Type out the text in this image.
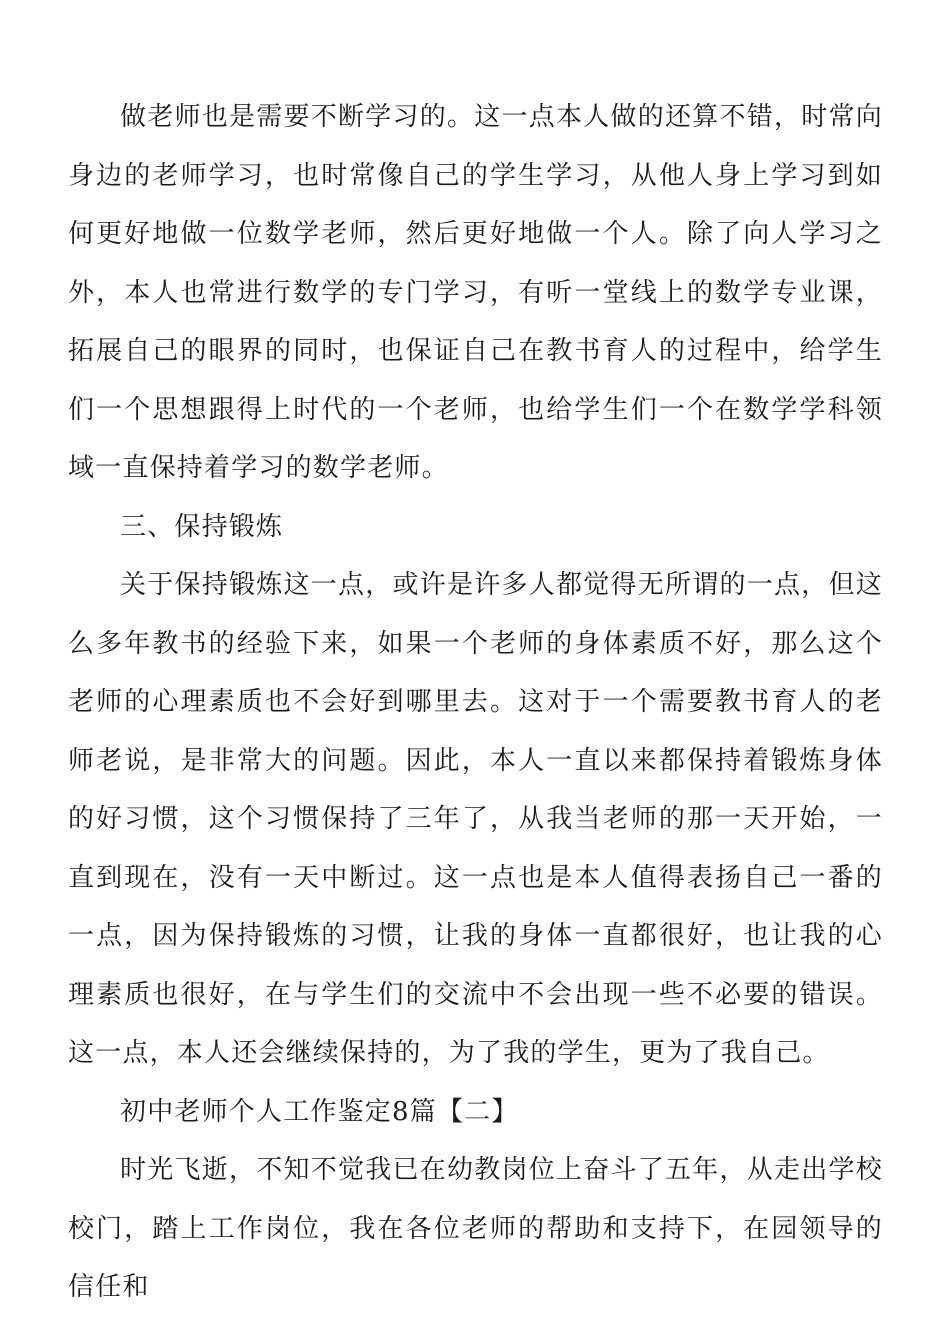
做老师也是需要不断学习的。这一点本人做的还算不错，时常向身边的老师学习，也时常像自己的学生学习，从他人身上学习到如何更好地做一位数学老师，然后更好地做一个人。除了向人学习之外，本人也常进行数学的专门学习，有听一堂线上的数学专业课，拓展自己的眼界的同时，也保证自己在教书育人的过程中，给学生们一个思想跟得上时代的一个老师，也给学生们一个在数学学科领域一直保持着学习的数学老师。

三、保持锻炼

关于保持锻炼这一点，或许是许多人都觉得无所谓的一点，但这么多年教书的经验下来，如果一个老师的身体素质不好，那么这个老师的心理素质也不会好到哪里去。这对于一个需要教书育人的老师老说，是非常大的问题。因此，本人一直以来都保持着锻炼身体的好习惯，这个习惯保持了三年了，从我当老师的那一天开始，一直到现在，没有一天中断过。这一点也是本人值得表扬自己一番的一点，因为保持锻炼的习惯，让我的身体一直都很好，也让我的心理素质也很好，在与学生们的交流中不会出现一些不必要的错误。这一点，本人还会继续保持的，为了我的学生，更为了我自己。

初中老师个人工作鉴定8篇【二】

时光飞逝，不知不觉我已在幼教岗位上奋斗了五年，从走出学校校门，踏上工作岗位，我在各位老师的帮助和支持下，在园领导的信任和
